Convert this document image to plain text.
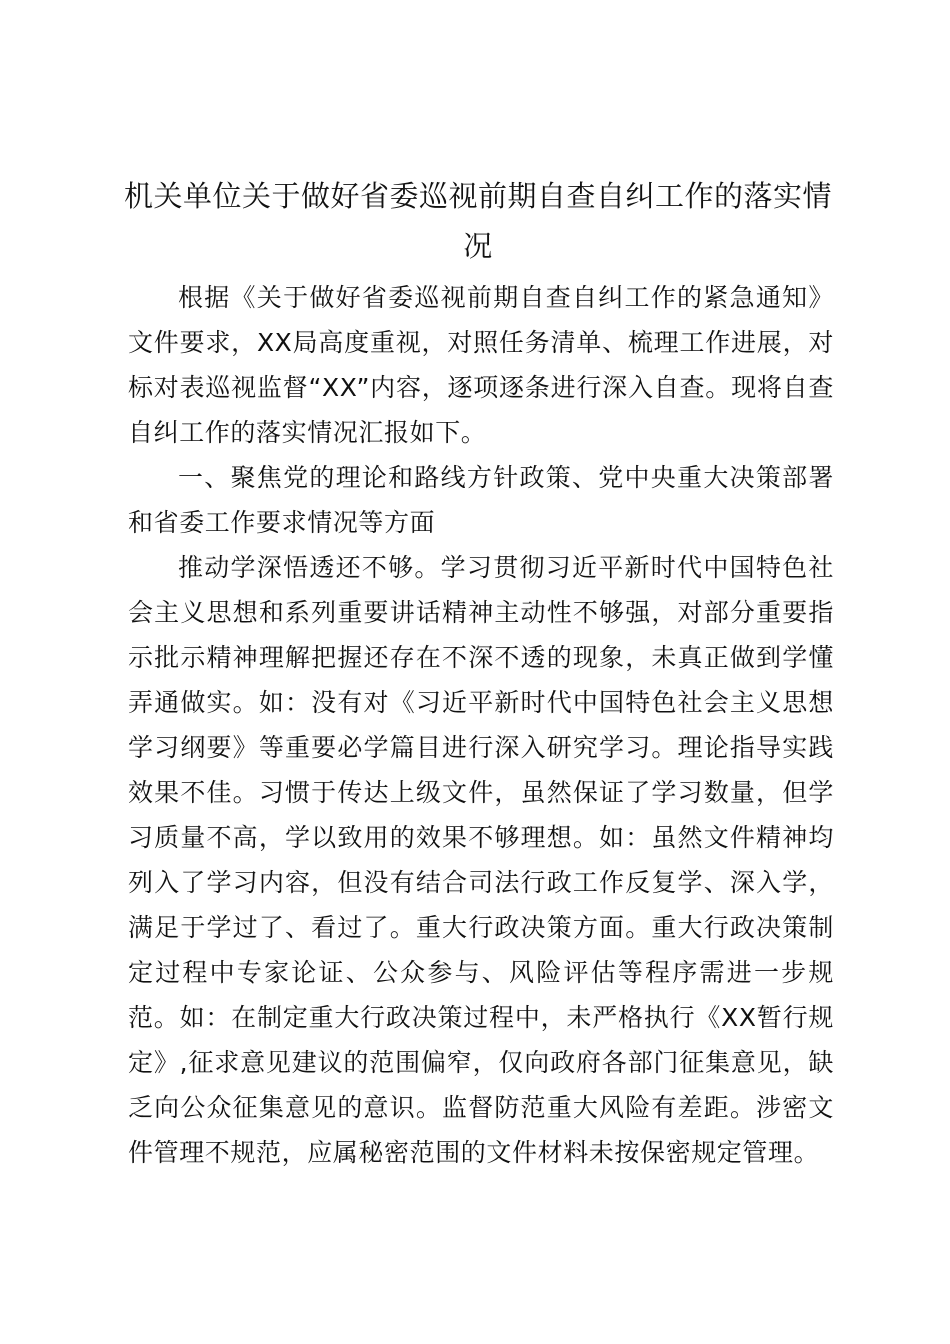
机关单位关于做好省委巡视前期自查自纠工作的落实情况

根据《关于做好省委巡视前期自查自纠工作的紧急通知》文件要求，XX局高度重视，对照任务清单、梳理工作进展，对标对表巡视监督“XX”内容，逐项逐条进行深入自查。现将自查自纠工作的落实情况汇报如下。

一、聚焦党的理论和路线方针政策、党中央重大决策部署和省委工作要求情况等方面

推动学深悟透还不够。学习贯彻习近平新时代中国特色社会主义思想和系列重要讲话精神主动性不够强，对部分重要指示批示精神理解把握还存在不深不透的现象，未真正做到学懂弄通做实。如：没有对《习近平新时代中国特色社会主义思想学习纲要》等重要必学篇目进行深入研究学习。理论指导实践效果不佳。习惯于传达上级文件，虽然保证了学习数量，但学习质量不高，学以致用的效果不够理想。如：虽然文件精神均列入了学习内容，但没有结合司法行政工作反复学、深入学，满足于学过了、看过了。重大行政决策方面。重大行政决策制定过程中专家论证、公众参与、风险评估等程序需进一步规范。如：在制定重大行政决策过程中，未严格执行《XX暂行规定》,征求意见建议的范围偏窄，仅向政府各部门征集意见，缺乏向公众征集意见的意识。监督防范重大风险有差距。涉密文件管理不规范，应属秘密范围的文件材料未按保密规定管理。
